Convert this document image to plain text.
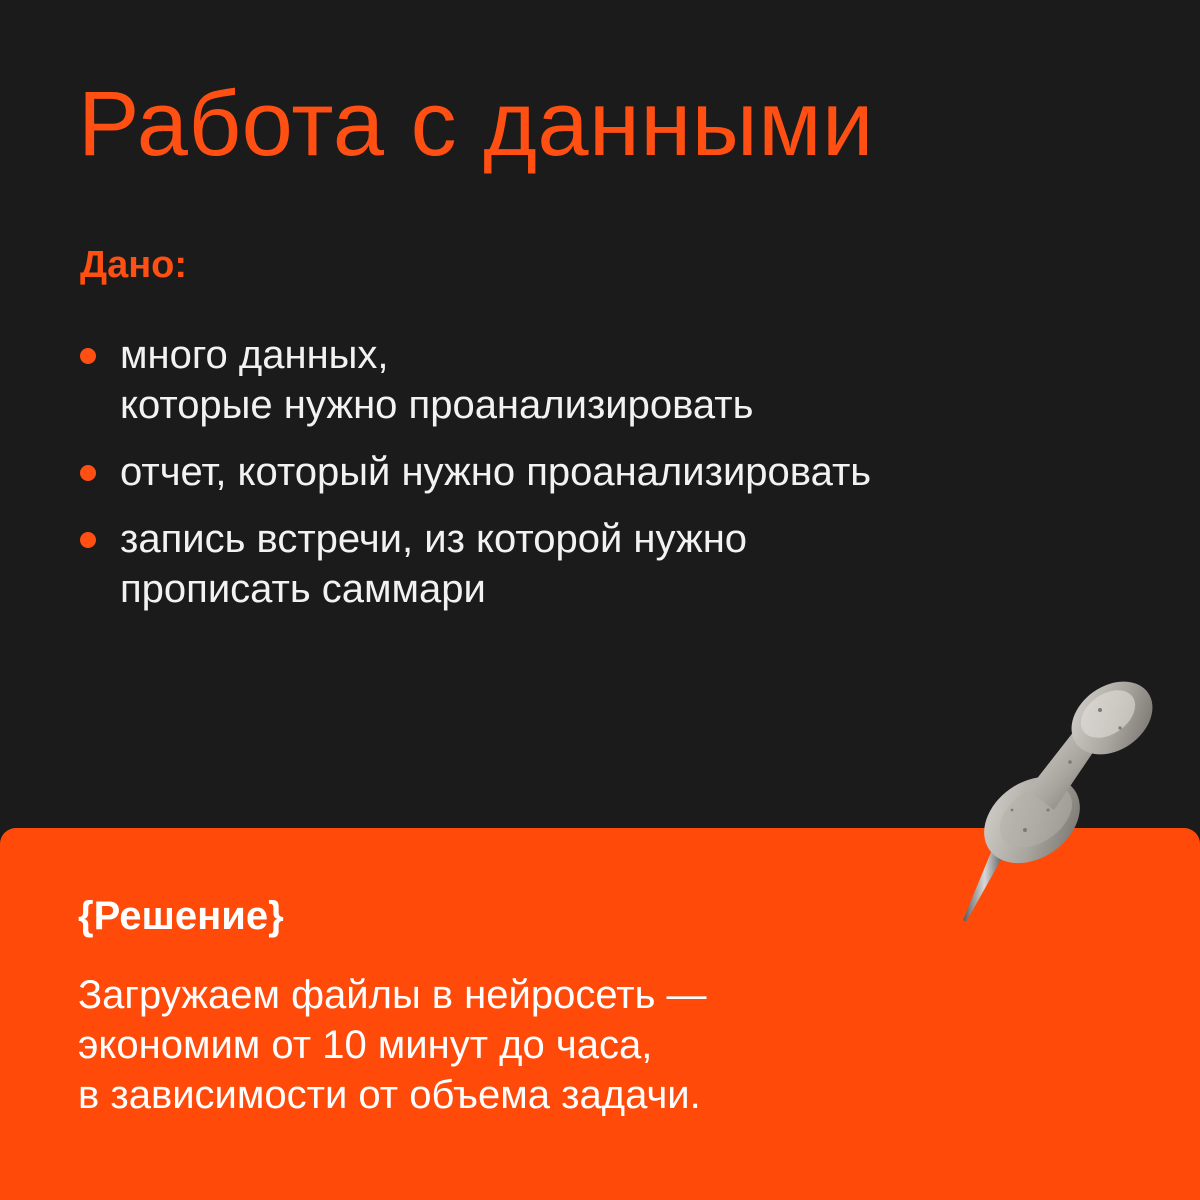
Работа с данными
Дано:
много данных,
которые нужно проанализировать
отчет, который нужно проанализировать
запись встречи, из которой нужно
прописать саммари
{Решение}

Загружаем файлы в нейросеть —
экономим от 10 минут до часа,
в зависимости от объема задачи.
